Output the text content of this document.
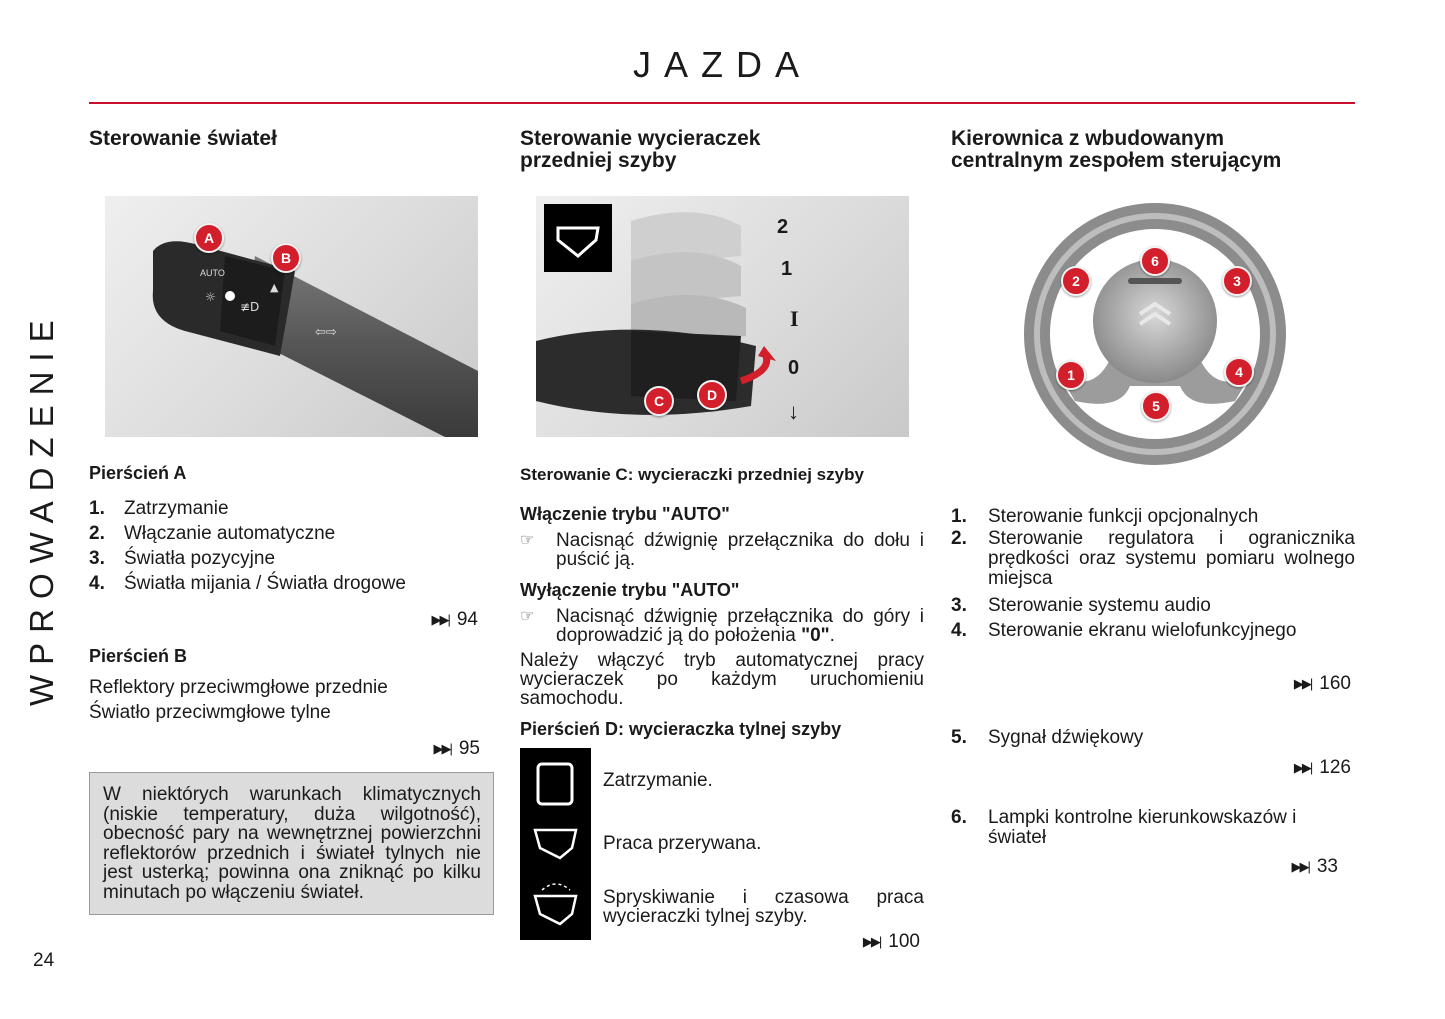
JAZDA
WPROWADZENIE
24
Sterowanie świateł
AUTO
☼
≢D
▲
⇦⇨
A
B
Pierścień A
1.	Zatrzymanie
2.	Włączanie automatyczne
3.	Światła pozycyjne
4.	Światła mijania / Światła drogowe
▶▶| 94
Pierścień B
Reflektory przeciwmgłowe przednie
Światło przeciwmgłowe tylne
▶▶| 95
W niektórych warunkach klimatycznych (niskie temperatury, duża wilgotność), obecność pary na wewnętrznej powierzchni reflektorów przednich i świateł tylnych nie jest usterką; powinna ona zniknąć po kilku minutach po włączeniu świateł.
Sterowanie wycieraczek
przedniej szyby
2
1
I
0
↓
C	D
Sterowanie C: wycieraczki przedniej szyby
Włączenie trybu "AUTO"
☞	Nacisnąć dźwignię przełącznika do dołu i puścić ją.
Wyłączenie trybu "AUTO"
☞	Nacisnąć dźwignię przełącznika do góry i doprowadzić ją do położenia "0".
Należy włączyć tryb automatycznej pracy wycieraczek po każdym uruchomieniu samochodu.
Pierścień D: wycieraczka tylnej szyby
Zatrzymanie.
Praca przerywana.
Spryskiwanie i czasowa praca wycieraczki tylnej szyby.
▶▶| 100
Kierownica z wbudowanym
centralnym zespołem sterującym
6
2	3
1	4
5
1.	Sterowanie funkcji opcjonalnych
2.	Sterowanie regulatora i ogranicznika prędkości oraz systemu pomiaru wolnego miejsca
3.	Sterowanie systemu audio
4.	Sterowanie ekranu wielofunkcyjnego
▶▶| 160
5.	Sygnał dźwiękowy
▶▶| 126
6.	Lampki kontrolne kierunkowskazów i świateł
▶▶| 33
